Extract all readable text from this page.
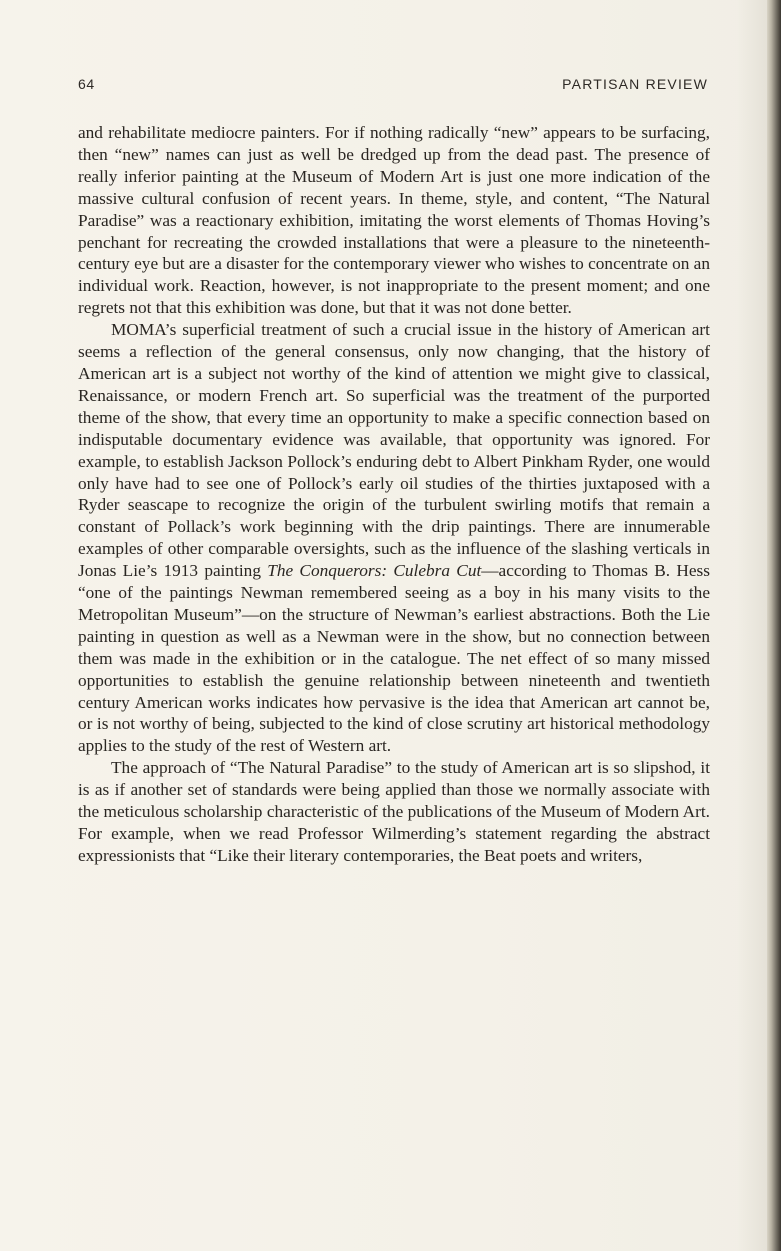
64	PARTISAN REVIEW

and rehabilitate mediocre painters. For if nothing radically “new” appears to be surfacing, then “new” names can just as well be dredged up from the dead past. The presence of really inferior painting at the Museum of Modern Art is just one more indication of the massive cultural confusion of recent years. In theme, style, and content, “The Natural Paradise” was a reactionary exhibition, imitating the worst elements of Thomas Hoving’s penchant for recreating the crowded installations that were a pleasure to the nineteenth-century eye but are a disaster for the contemporary viewer who wishes to concentrate on an individual work. Reaction, however, is not inappropriate to the present moment; and one regrets not that this exhibition was done, but that it was not done better.

MOMA’s superficial treatment of such a crucial issue in the history of American art seems a reflection of the general consensus, only now changing, that the history of American art is a subject not worthy of the kind of attention we might give to classical, Renaissance, or modern French art. So superficial was the treatment of the purported theme of the show, that every time an opportunity to make a specific connection based on indisputable documentary evidence was available, that opportunity was ignored. For example, to establish Jackson Pollock’s enduring debt to Albert Pinkham Ryder, one would only have had to see one of Pollock’s early oil studies of the thirties juxtaposed with a Ryder seascape to recognize the origin of the turbulent swirling motifs that remain a constant of Pollack’s work beginning with the drip paintings. There are innumerable examples of other comparable oversights, such as the influence of the slashing verticals in Jonas Lie’s 1913 painting The Conquerors: Culebra Cut—according to Thomas B. Hess “one of the paintings Newman remembered seeing as a boy in his many visits to the Metropolitan Museum”—on the structure of Newman’s earliest abstractions. Both the Lie painting in question as well as a Newman were in the show, but no connection between them was made in the exhibition or in the catalogue. The net effect of so many missed opportunities to establish the genuine relationship between nineteenth and twentieth century American works indicates how pervasive is the idea that American art cannot be, or is not worthy of being, subjected to the kind of close scrutiny art historical methodology applies to the study of the rest of Western art.

The approach of “The Natural Paradise” to the study of American art is so slipshod, it is as if another set of standards were being applied than those we normally associate with the meticulous scholarship characteristic of the publications of the Museum of Modern Art. For example, when we read Professor Wilmerding’s statement regarding the abstract expressionists that “Like their literary contemporaries, the Beat poets and writers,
